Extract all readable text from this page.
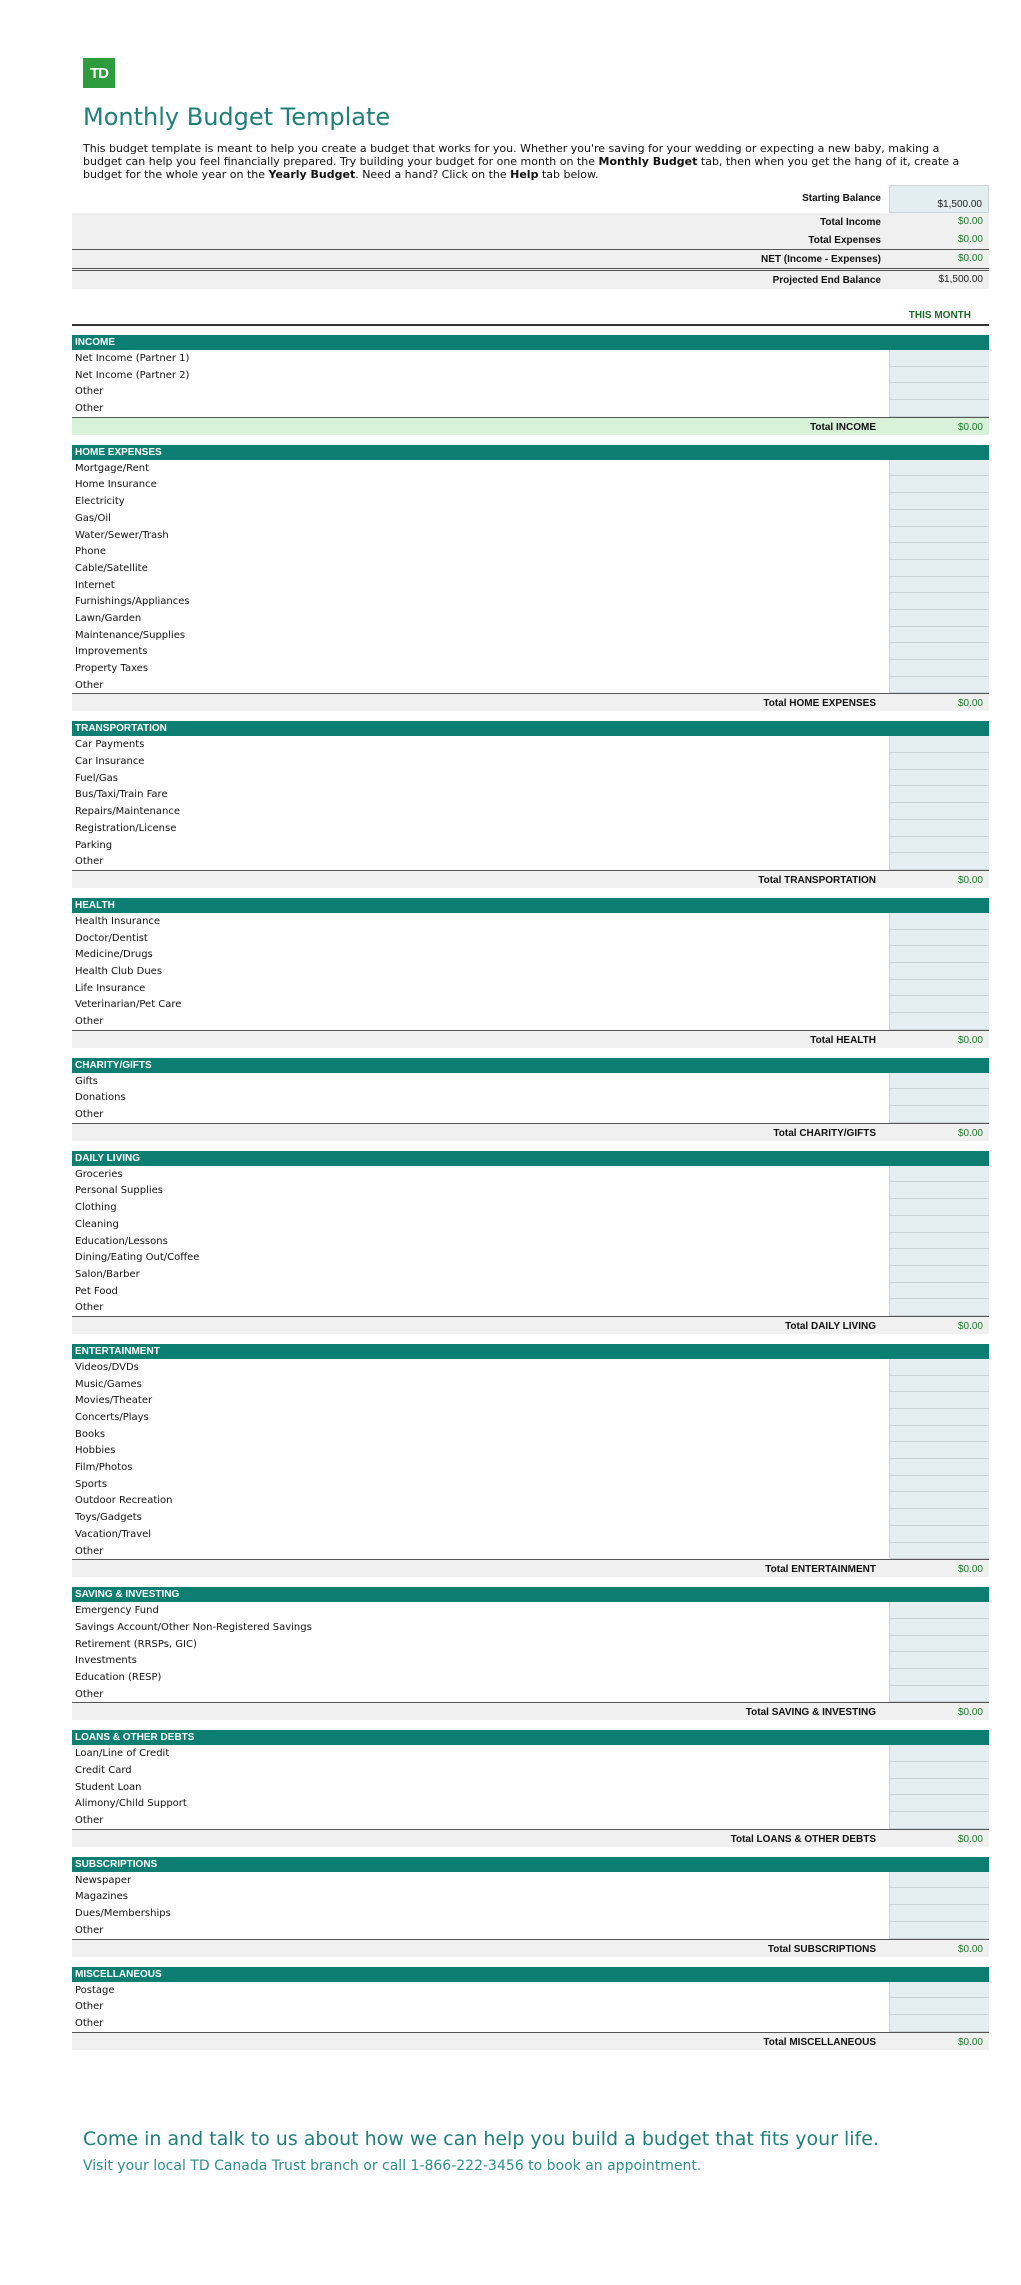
TD
Monthly Budget Template
This budget template is meant to help you create a budget that works for you. Whether you're saving for your wedding or expecting a new baby, making a budget can help you feel financially prepared. Try building your budget for one month on the Monthly Budget tab, then when you get the hang of it, create a budget for the whole year on the Yearly Budget. Need a hand? Click on the Help tab below.
Starting Balance
$1,500.00
Total Income	$0.00
Total Expenses	$0.00
NET (Income - Expenses)	$0.00
Projected End Balance	$1,500.00
THIS MONTH
INCOME
Net Income (Partner 1)
Net Income (Partner 2)
Other
Other
Total INCOME	$0.00
HOME EXPENSES
Mortgage/Rent
Home Insurance
Electricity
Gas/Oil
Water/Sewer/Trash
Phone
Cable/Satellite
Internet
Furnishings/Appliances
Lawn/Garden
Maintenance/Supplies
Improvements
Property Taxes
Other
Total HOME EXPENSES	$0.00
TRANSPORTATION
Car Payments
Car Insurance
Fuel/Gas
Bus/Taxi/Train Fare
Repairs/Maintenance
Registration/License
Parking
Other
Total TRANSPORTATION	$0.00
HEALTH
Health Insurance
Doctor/Dentist
Medicine/Drugs
Health Club Dues
Life Insurance
Veterinarian/Pet Care
Other
Total HEALTH	$0.00
CHARITY/GIFTS
Gifts
Donations
Other
Total CHARITY/GIFTS	$0.00
DAILY LIVING
Groceries
Personal Supplies
Clothing
Cleaning
Education/Lessons
Dining/Eating Out/Coffee
Salon/Barber
Pet Food
Other
Total DAILY LIVING	$0.00
ENTERTAINMENT
Videos/DVDs
Music/Games
Movies/Theater
Concerts/Plays
Books
Hobbies
Film/Photos
Sports
Outdoor Recreation
Toys/Gadgets
Vacation/Travel
Other
Total ENTERTAINMENT	$0.00
SAVING & INVESTING
Emergency Fund
Savings Account/Other Non-Registered Savings
Retirement (RRSPs, GIC)
Investments
Education (RESP)
Other
Total SAVING & INVESTING	$0.00
LOANS & OTHER DEBTS
Loan/Line of Credit
Credit Card
Student Loan
Alimony/Child Support
Other
Total LOANS & OTHER DEBTS	$0.00
SUBSCRIPTIONS
Newspaper
Magazines
Dues/Memberships
Other
Total SUBSCRIPTIONS	$0.00
MISCELLANEOUS
Postage
Other
Other
Total MISCELLANEOUS	$0.00
Come in and talk to us about how we can help you build a budget that fits your life.
Visit your local TD Canada Trust branch or call 1-866-222-3456 to book an appointment.
